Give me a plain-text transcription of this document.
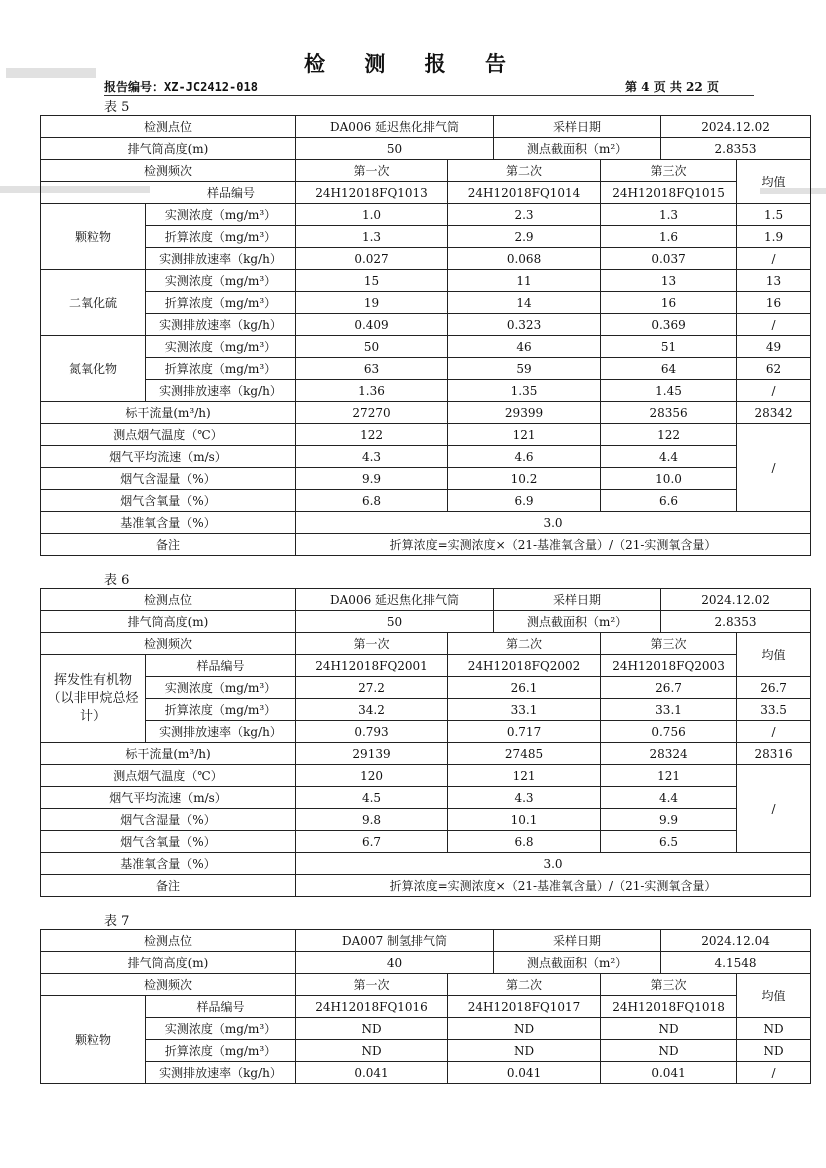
检 测 报 告
报告编号：XZ-JC2412-018	第 4 页 共 22 页
表 5
检测点位		DA006 延迟焦化排气筒		采样日期		2024.12.02	
排气筒高度(m)		50		测点截面积（m²）		2.8353	
检测频次		第一次	第二次		第三次		均值
样品编号		24H12018FQ1013	24H12018FQ1014		24H12018FQ1015		
颗粒物	实测浓度（mg/m³）	1.0	2.3		1.3		1.5
	折算浓度（mg/m³）	1.3	2.9		1.6		1.9
	实测排放速率（kg/h）	0.027	0.068		0.037		/
二氧化硫	实测浓度（mg/m³）	15	11		13		13
	折算浓度（mg/m³）	19	14		16		16
	实测排放速率（kg/h）	0.409	0.323		0.369		/
氮氧化物	实测浓度（mg/m³）	50	46		51		49
	折算浓度（mg/m³）	63	59		64		62
	实测排放速率（kg/h）	1.36	1.35		1.45		/
标干流量(m³/h)		27270	29399		28356		28342
测点烟气温度（℃）		122	121		122		/
烟气平均流速（m/s）		4.3	4.6		4.4		
烟气含湿量（%）		9.9	10.2		10.0		
烟气含氧量（%）		6.8	6.9		6.6		
基准氧含量（%）		3.0					
备注		折算浓度=实测浓度×（21-基准氧含量）/（21-实测氧含量）					
表 6
检测点位		DA006 延迟焦化排气筒		采样日期		2024.12.02	
排气筒高度(m)		50		测点截面积（m²）		2.8353	
检测频次		第一次	第二次		第三次		均值
挥发性有机物（以非甲烷总烃计）	样品编号	24H12018FQ2001	24H12018FQ2002		24H12018FQ2003		
	实测浓度（mg/m³）	27.2	26.1		26.7		26.7
	折算浓度（mg/m³）	34.2	33.1		33.1		33.5
	实测排放速率（kg/h）	0.793	0.717		0.756		/
标干流量(m³/h)		29139	27485		28324		28316
测点烟气温度（℃）		120	121		121		/
烟气平均流速（m/s）		4.5	4.3		4.4		
烟气含湿量（%）		9.8	10.1		9.9		
烟气含氧量（%）		6.7	6.8		6.5		
基准氧含量（%）		3.0					
备注		折算浓度=实测浓度×（21-基准氧含量）/（21-实测氧含量）					
表 7
检测点位		DA007 制氢排气筒		采样日期		2024.12.04	
排气筒高度(m)		40		测点截面积（m²）		4.1548	
检测频次		第一次	第二次		第三次		均值
颗粒物	样品编号	24H12018FQ1016	24H12018FQ1017		24H12018FQ1018		
	实测浓度（mg/m³）	ND	ND		ND		ND
	折算浓度（mg/m³）	ND	ND		ND		ND
	实测排放速率（kg/h）	0.041	0.041		0.041		/
